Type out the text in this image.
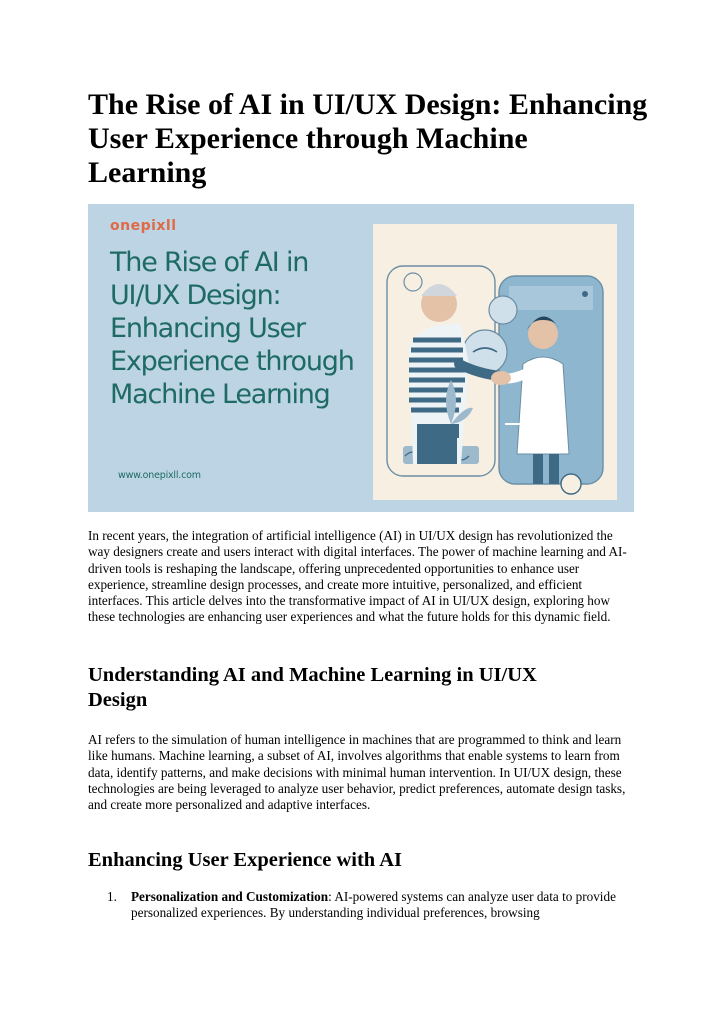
The Rise of AI in UI/UX Design: Enhancing User Experience through Machine Learning
onepixll
The Rise of AI in UI/UX Design: Enhancing User Experience through Machine Learning
www.onepixll.com

In recent years, the integration of artificial intelligence (AI) in UI/UX design has revolutionized the way designers create and users interact with digital interfaces. The power of machine learning and AI-driven tools is reshaping the landscape, offering unprecedented opportunities to enhance user experience, streamline design processes, and create more intuitive, personalized, and efficient interfaces. This article delves into the transformative impact of AI in UI/UX design, exploring how these technologies are enhancing user experiences and what the future holds for this dynamic field.

Understanding AI and Machine Learning in UI/UX Design

AI refers to the simulation of human intelligence in machines that are programmed to think and learn like humans. Machine learning, a subset of AI, involves algorithms that enable systems to learn from data, identify patterns, and make decisions with minimal human intervention. In UI/UX design, these technologies are being leveraged to analyze user behavior, predict preferences, automate design tasks, and create more personalized and adaptive interfaces.

Enhancing User Experience with AI
1. Personalization and Customization: AI-powered systems can analyze user data to provide personalized experiences. By understanding individual preferences, browsing
